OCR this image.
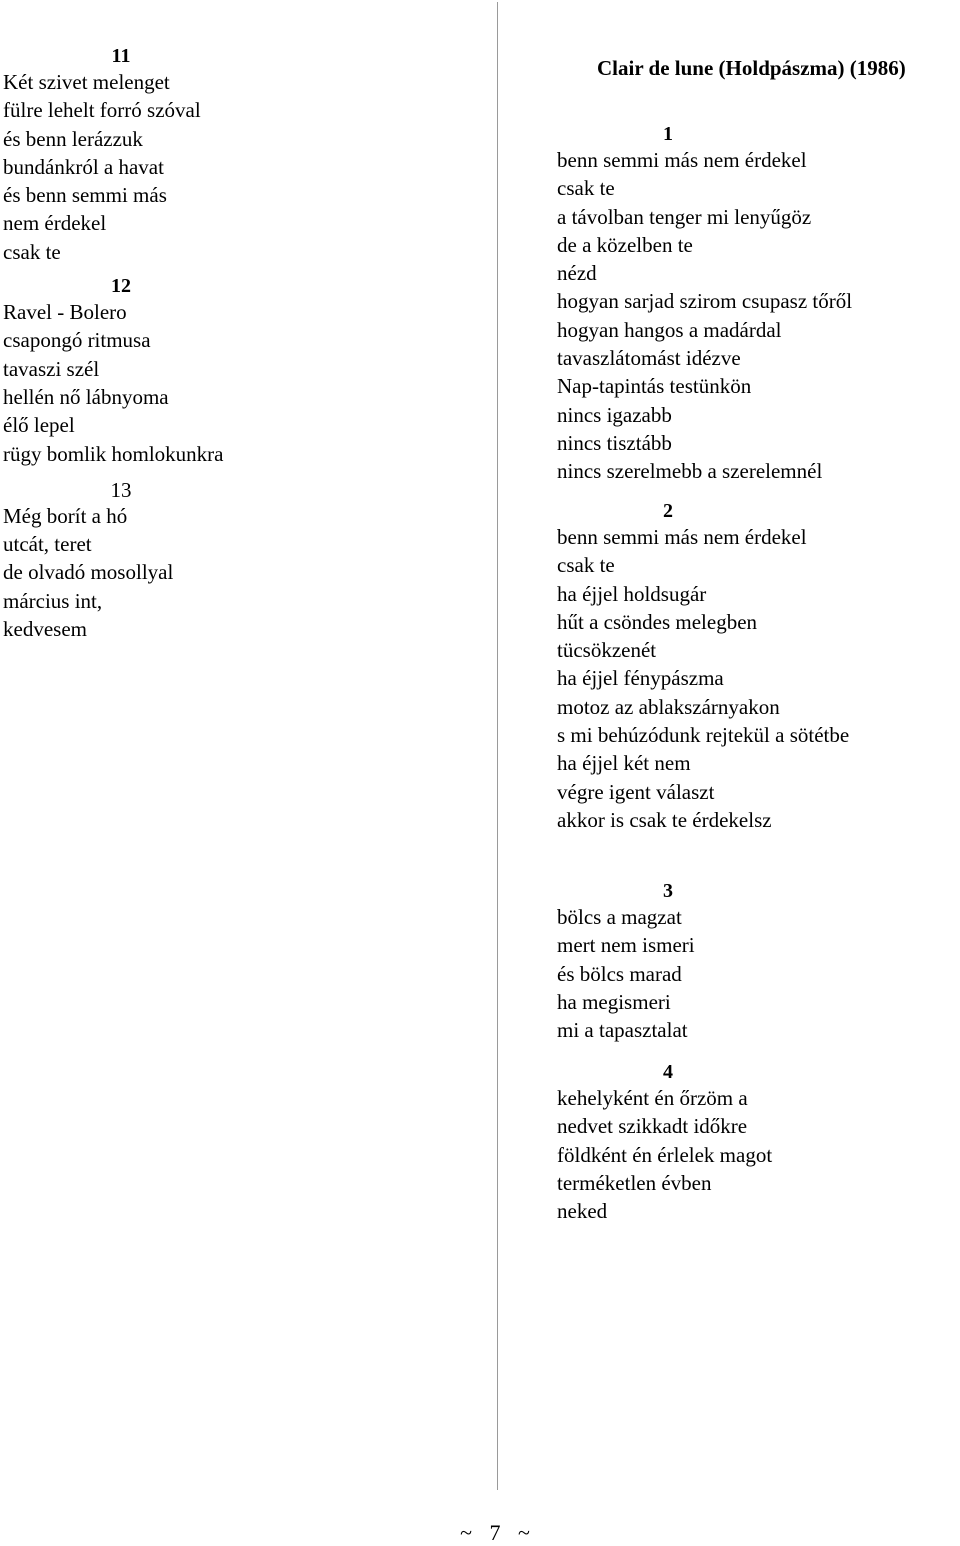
11
Két szivet melenget
fülre lehelt forró szóval
és benn lerázzuk
bundánkról a havat
és benn semmi más
nem érdekel
csak te
12
Ravel - Bolero
csapongó ritmusa
tavaszi szél
hellén nő lábnyoma
élő lepel
rügy bomlik homlokunkra
13
Még borít a hó
utcát, teret
de olvadó mosollyal
március int,
kedvesem
Clair de lune (Holdpászma) (1986)
1
benn semmi más nem érdekel
csak te
a távolban tenger mi lenyűgöz
de a közelben te
nézd
hogyan sarjad szirom csupasz tőről
hogyan hangos a madárdal
tavaszlátomást idézve
Nap-tapintás testünkön
nincs igazabb
nincs tisztább
nincs szerelmebb a szerelemnél
2
benn semmi más nem érdekel
csak te
ha éjjel holdsugár
hűt a csöndes melegben
tücsökzenét
ha éjjel fénypászma
motoz az ablakszárnyakon
s mi behúzódunk rejtekül a sötétbe
ha éjjel két nem
végre igent választ
akkor is csak te érdekelsz
3
bölcs a magzat
mert nem ismeri
és bölcs marad
ha megismeri
mi a tapasztalat
4
kehelyként én őrzöm a
nedvet szikkadt időkre
földként én érlelek magot
terméketlen évben
neked
~ 7 ~
